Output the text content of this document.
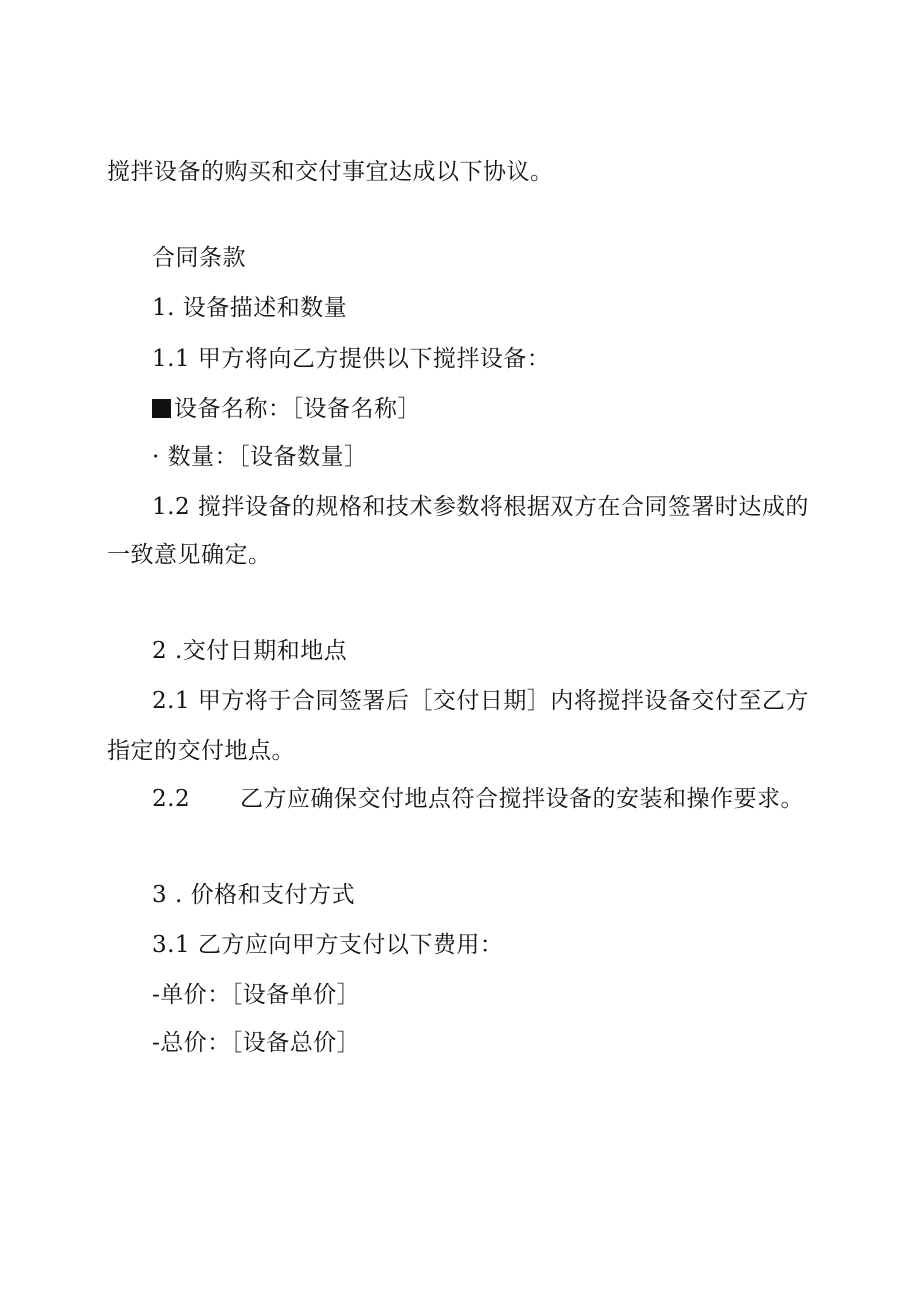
搅拌设备的购买和交付事宜达成以下协议。
合同条款
1. 设备描述和数量
1.1 甲方将向乙方提供以下搅拌设备：
设备名称：［设备名称］
· 数量：［设备数量］
1.2 搅拌设备的规格和技术参数将根据双方在合同签署时达成的
一致意见确定。
2 .交付日期和地点
2.1 甲方将于合同签署后［交付日期］内将搅拌设备交付至乙方
指定的交付地点。
2.2 乙方应确保交付地点符合搅拌设备的安装和操作要求。
3 . 价格和支付方式
3.1 乙方应向甲方支付以下费用：
-单价：［设备单价］
-总价：［设备总价］
